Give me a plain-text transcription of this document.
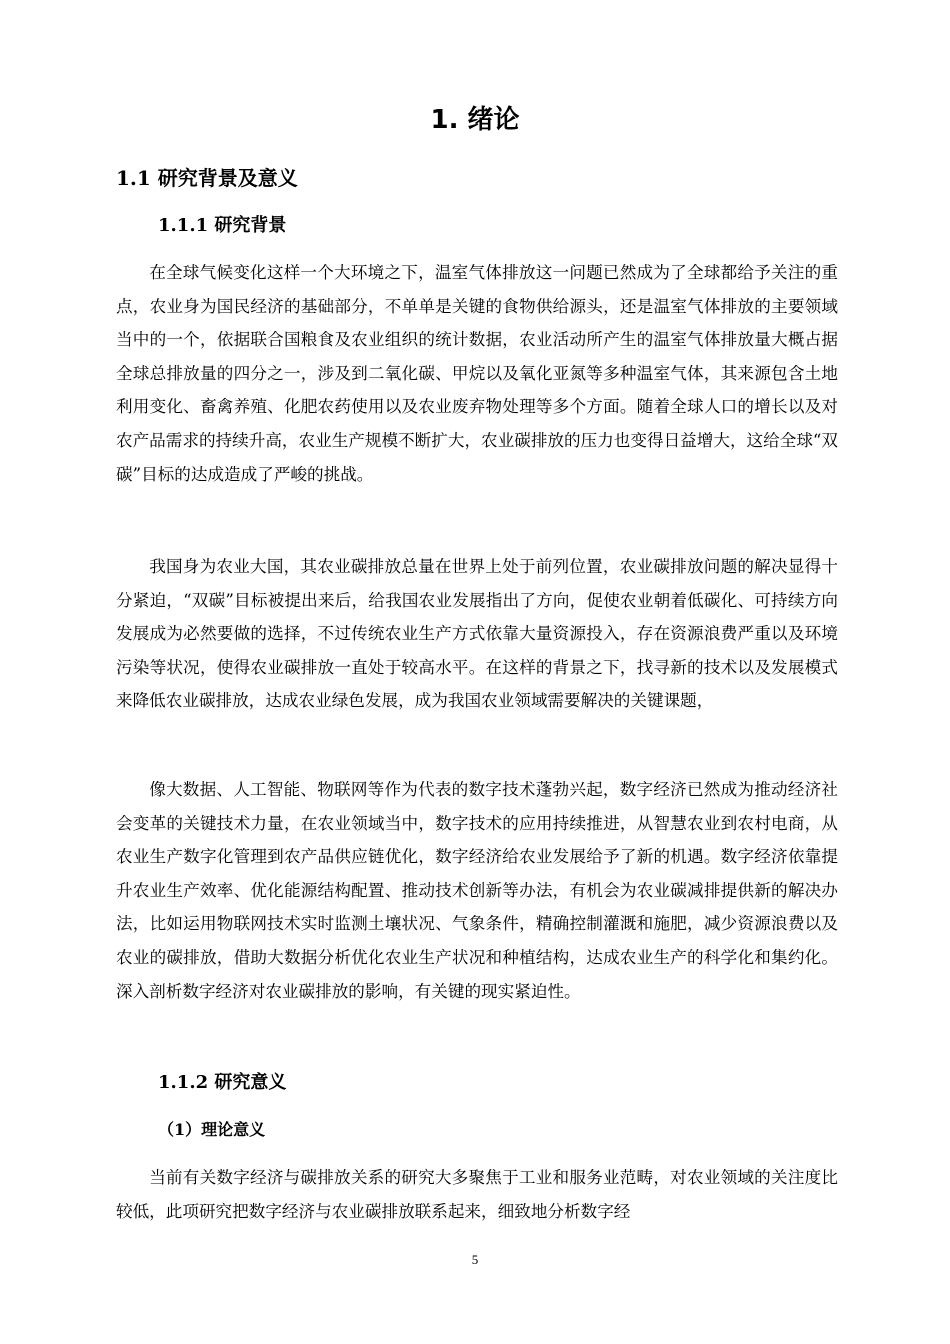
1. 绪论
1.1 研究背景及意义
1.1.1 研究背景

在全球气候变化这样一个大环境之下，温室气体排放这一问题已然成为了全球都给予关注的重点，农业身为国民经济的基础部分，不单单是关键的食物供给源头，还是温室气体排放的主要领域当中的一个，依据联合国粮食及农业组织的统计数据，农业活动所产生的温室气体排放量大概占据全球总排放量的四分之一，涉及到二氧化碳、甲烷以及氧化亚氮等多种温室气体，其来源包含土地利用变化、畜禽养殖、化肥农药使用以及农业废弃物处理等多个方面。随着全球人口的增长以及对农产品需求的持续升高，农业生产规模不断扩大，农业碳排放的压力也变得日益增大，这给全球“双碳”目标的达成造成了严峻的挑战。

我国身为农业大国，其农业碳排放总量在世界上处于前列位置，农业碳排放问题的解决显得十分紧迫，“双碳”目标被提出来后，给我国农业发展指出了方向，促使农业朝着低碳化、可持续方向发展成为必然要做的选择，不过传统农业生产方式依靠大量资源投入，存在资源浪费严重以及环境污染等状况，使得农业碳排放一直处于较高水平。在这样的背景之下，找寻新的技术以及发展模式来降低农业碳排放，达成农业绿色发展，成为我国农业领域需要解决的关键课题，

像大数据、人工智能、物联网等作为代表的数字技术蓬勃兴起，数字经济已然成为推动经济社会变革的关键技术力量，在农业领域当中，数字技术的应用持续推进，从智慧农业到农村电商，从农业生产数字化管理到农产品供应链优化，数字经济给农业发展给予了新的机遇。数字经济依靠提升农业生产效率、优化能源结构配置、推动技术创新等办法，有机会为农业碳减排提供新的解决办法，比如运用物联网技术实时监测土壤状况、气象条件，精确控制灌溉和施肥，减少资源浪费以及农业的碳排放，借助大数据分析优化农业生产状况和种植结构，达成农业生产的科学化和集约化。深入剖析数字经济对农业碳排放的影响，有关键的现实紧迫性。

1.1.2 研究意义
（1）理论意义

当前有关数字经济与碳排放关系的研究大多聚焦于工业和服务业范畴，对农业领域的关注度比较低，此项研究把数字经济与农业碳排放联系起来，细致地分析数字经

5
